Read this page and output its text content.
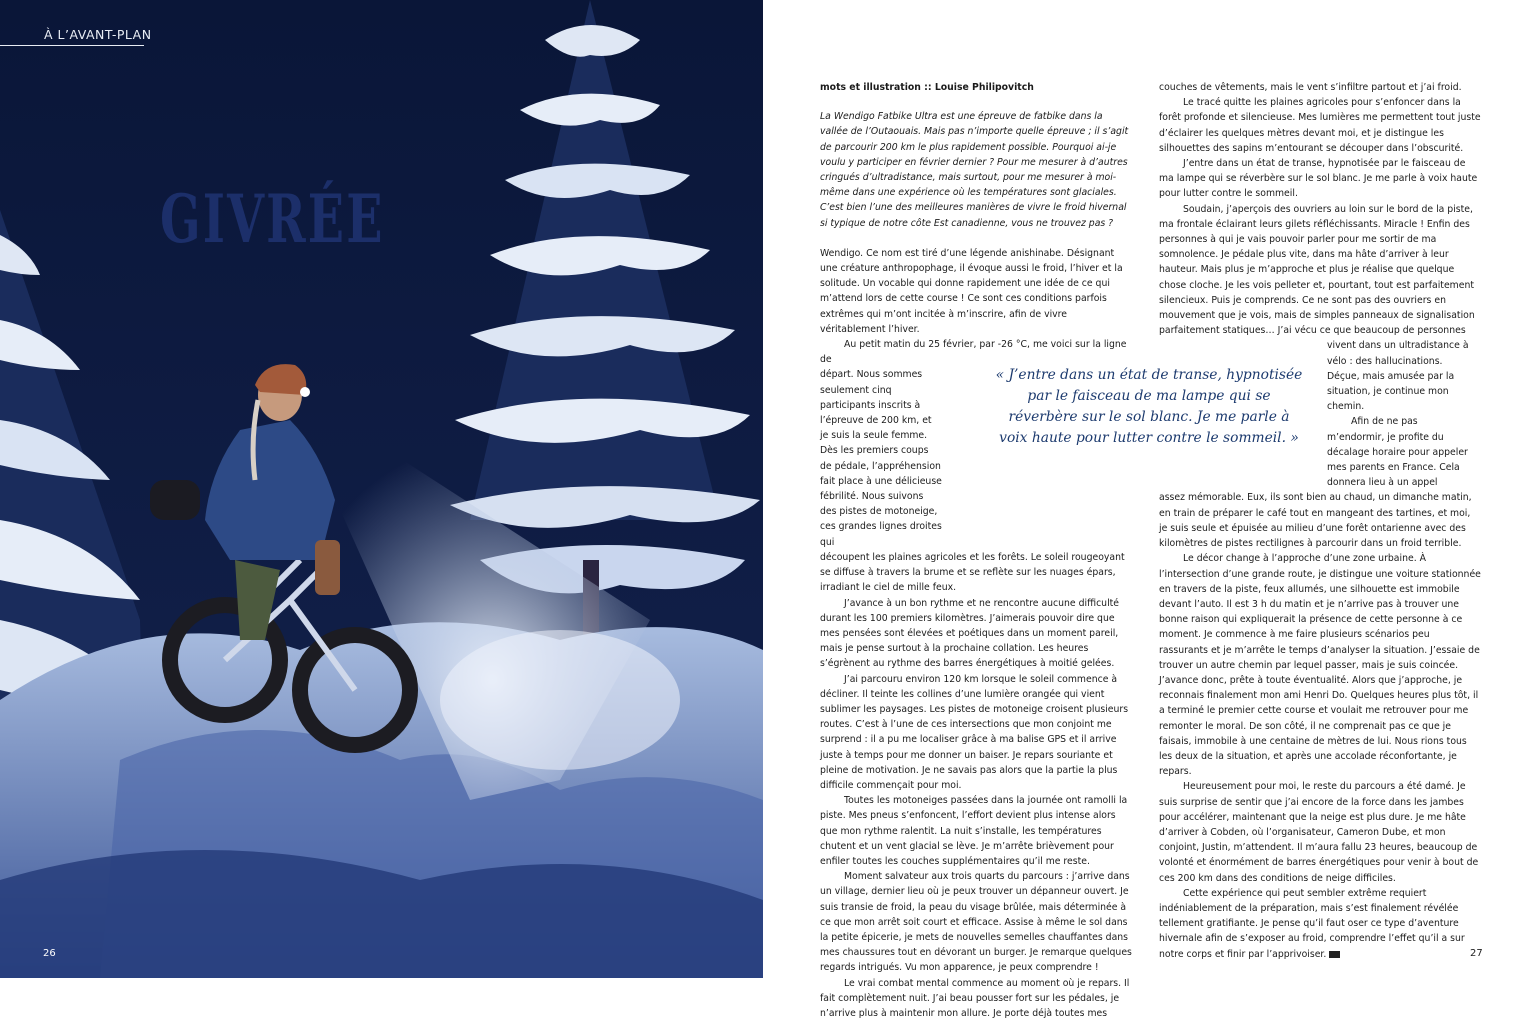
À L’AVANT-PLAN
GIVRÉE
26
mots et illustration :: Louise Philipovitch

La Wendigo Fatbike Ultra est une épreuve de fatbike dans la vallée de l’Outaouais. Mais pas n’importe quelle épreuve ; il s’agit de parcourir 200 km le plus rapidement possible. Pourquoi ai-je voulu y participer en février dernier ? Pour me mesurer à d’autres cringués d’ultradistance, mais surtout, pour me mesurer à moi-même dans une expérience où les températures sont glaciales. C’est bien l’une des meilleures manières de vivre le froid hivernal si typique de notre côte Est canadienne, vous ne trouvez pas ?

Wendigo. Ce nom est tiré d’une légende anishinabe. Désignant une créature anthropophage, il évoque aussi le froid, l’hiver et la solitude. Un vocable qui donne rapidement une idée de ce qui m’attend lors de cette course ! Ce sont ces conditions parfois extrêmes qui m’ont incitée à m’inscrire, afin de vivre véritablement l’hiver.

Au petit matin du 25 février, par -26 °C, me voici sur la ligne de

départ. Nous sommes seulement cinq participants inscrits à l’épreuve de 200 km, et je suis la seule femme.

Dès les premiers coups de pédale, l’appréhension fait place à une délicieuse fébrilité. Nous suivons des pistes de motoneige, ces grandes lignes droites qui

découpent les plaines agricoles et les forêts. Le soleil rougeoyant se diffuse à travers la brume et se reflète sur les nuages épars, irradiant le ciel de mille feux.

J’avance à un bon rythme et ne rencontre aucune difficulté durant les 100 premiers kilomètres. J’aimerais pouvoir dire que mes pensées sont élevées et poétiques dans un moment pareil, mais je pense surtout à la prochaine collation. Les heures s’égrènent au rythme des barres énergétiques à moitié gelées.

J’ai parcouru environ 120 km lorsque le soleil commence à décliner. Il teinte les collines d’une lumière orangée qui vient sublimer les paysages. Les pistes de motoneige croisent plusieurs routes. C’est à l’une de ces intersections que mon conjoint me surprend : il a pu me localiser grâce à ma balise GPS et il arrive juste à temps pour me donner un baiser. Je repars souriante et pleine de motivation. Je ne savais pas alors que la partie la plus difficile commençait pour moi.

Toutes les motoneiges passées dans la journée ont ramolli la piste. Mes pneus s’enfoncent, l’effort devient plus intense alors que mon rythme ralentit. La nuit s’installe, les températures chutent et un vent glacial se lève. Je m’arrête brièvement pour enfiler toutes les couches supplémentaires qu’il me reste.

Moment salvateur aux trois quarts du parcours : j’arrive dans un village, dernier lieu où je peux trouver un dépanneur ouvert. Je suis transie de froid, la peau du visage brûlée, mais déterminée à ce que mon arrêt soit court et efficace. Assise à même le sol dans la petite épicerie, je mets de nouvelles semelles chauffantes dans mes chaussures tout en dévorant un burger. Je remarque quelques regards intrigués. Vu mon apparence, je peux comprendre !

Le vrai combat mental commence au moment où je repars. Il fait complètement nuit. J’ai beau pousser fort sur les pédales, je n’arrive plus à maintenir mon allure. Je porte déjà toutes mes

« J’entre dans un état de transe, hypnotisée par le faisceau de ma lampe qui se réverbère sur le sol blanc. Je me parle à voix haute pour lutter contre le sommeil. »

couches de vêtements, mais le vent s’infiltre partout et j’ai froid.

Le tracé quitte les plaines agricoles pour s’enfoncer dans la forêt profonde et silencieuse. Mes lumières me permettent tout juste d’éclairer les quelques mètres devant moi, et je distingue les silhouettes des sapins m’entourant se découper dans l’obscurité.

J’entre dans un état de transe, hypnotisée par le faisceau de ma lampe qui se réverbère sur le sol blanc. Je me parle à voix haute pour lutter contre le sommeil.

Soudain, j’aperçois des ouvriers au loin sur le bord de la piste, ma frontale éclairant leurs gilets réfléchissants. Miracle ! Enfin des personnes à qui je vais pouvoir parler pour me sortir de ma somnolence. Je pédale plus vite, dans ma hâte d’arriver à leur hauteur. Mais plus je m’approche et plus je réalise que quelque chose cloche. Je les vois pelleter et, pourtant, tout est parfaitement silencieux. Puis je comprends. Ce ne sont pas des ouvriers en mouvement que je vois, mais de simples panneaux de signalisation parfaitement statiques… J’ai vécu ce que beaucoup de personnes

vivent dans un ultradistance à vélo : des hallucinations. Déçue, mais amusée par la situation, je continue mon chemin.

Afin de ne pas m’endormir, je profite du décalage horaire pour appeler mes parents en France. Cela donnera lieu à un appel

assez mémorable. Eux, ils sont bien au chaud, un dimanche matin, en train de préparer le café tout en mangeant des tartines, et moi, je suis seule et épuisée au milieu d’une forêt ontarienne avec des kilomètres de pistes rectilignes à parcourir dans un froid terrible.

Le décor change à l’approche d’une zone urbaine. À l’intersection d’une grande route, je distingue une voiture stationnée en travers de la piste, feux allumés, une silhouette est immobile devant l’auto. Il est 3 h du matin et je n’arrive pas à trouver une bonne raison qui expliquerait la présence de cette personne à ce moment. Je commence à me faire plusieurs scénarios peu rassurants et je m’arrête le temps d’analyser la situation. J’essaie de trouver un autre chemin par lequel passer, mais je suis coincée. J’avance donc, prête à toute éventualité. Alors que j’approche, je reconnais finalement mon ami Henri Do. Quelques heures plus tôt, il a terminé le premier cette course et voulait me retrouver pour me remonter le moral. De son côté, il ne comprenait pas ce que je faisais, immobile à une centaine de mètres de lui. Nous rions tous les deux de la situation, et après une accolade réconfortante, je repars.

Heureusement pour moi, le reste du parcours a été damé. Je suis surprise de sentir que j’ai encore de la force dans les jambes pour accélérer, maintenant que la neige est plus dure. Je me hâte d’arriver à Cobden, où l’organisateur, Cameron Dube, et mon conjoint, Justin, m’attendent. Il m’aura fallu 23 heures, beaucoup de volonté et énormément de barres énergétiques pour venir à bout de ces 200 km dans des conditions de neige difficiles.

Cette expérience qui peut sembler extrême requiert indéniablement de la préparation, mais s’est finalement révélée tellement gratifiante. Je pense qu’il faut oser ce type d’aventure hivernale afin de s’exposer au froid, comprendre l’effet qu’il a sur notre corps et finir par l’apprivoiser.	27
